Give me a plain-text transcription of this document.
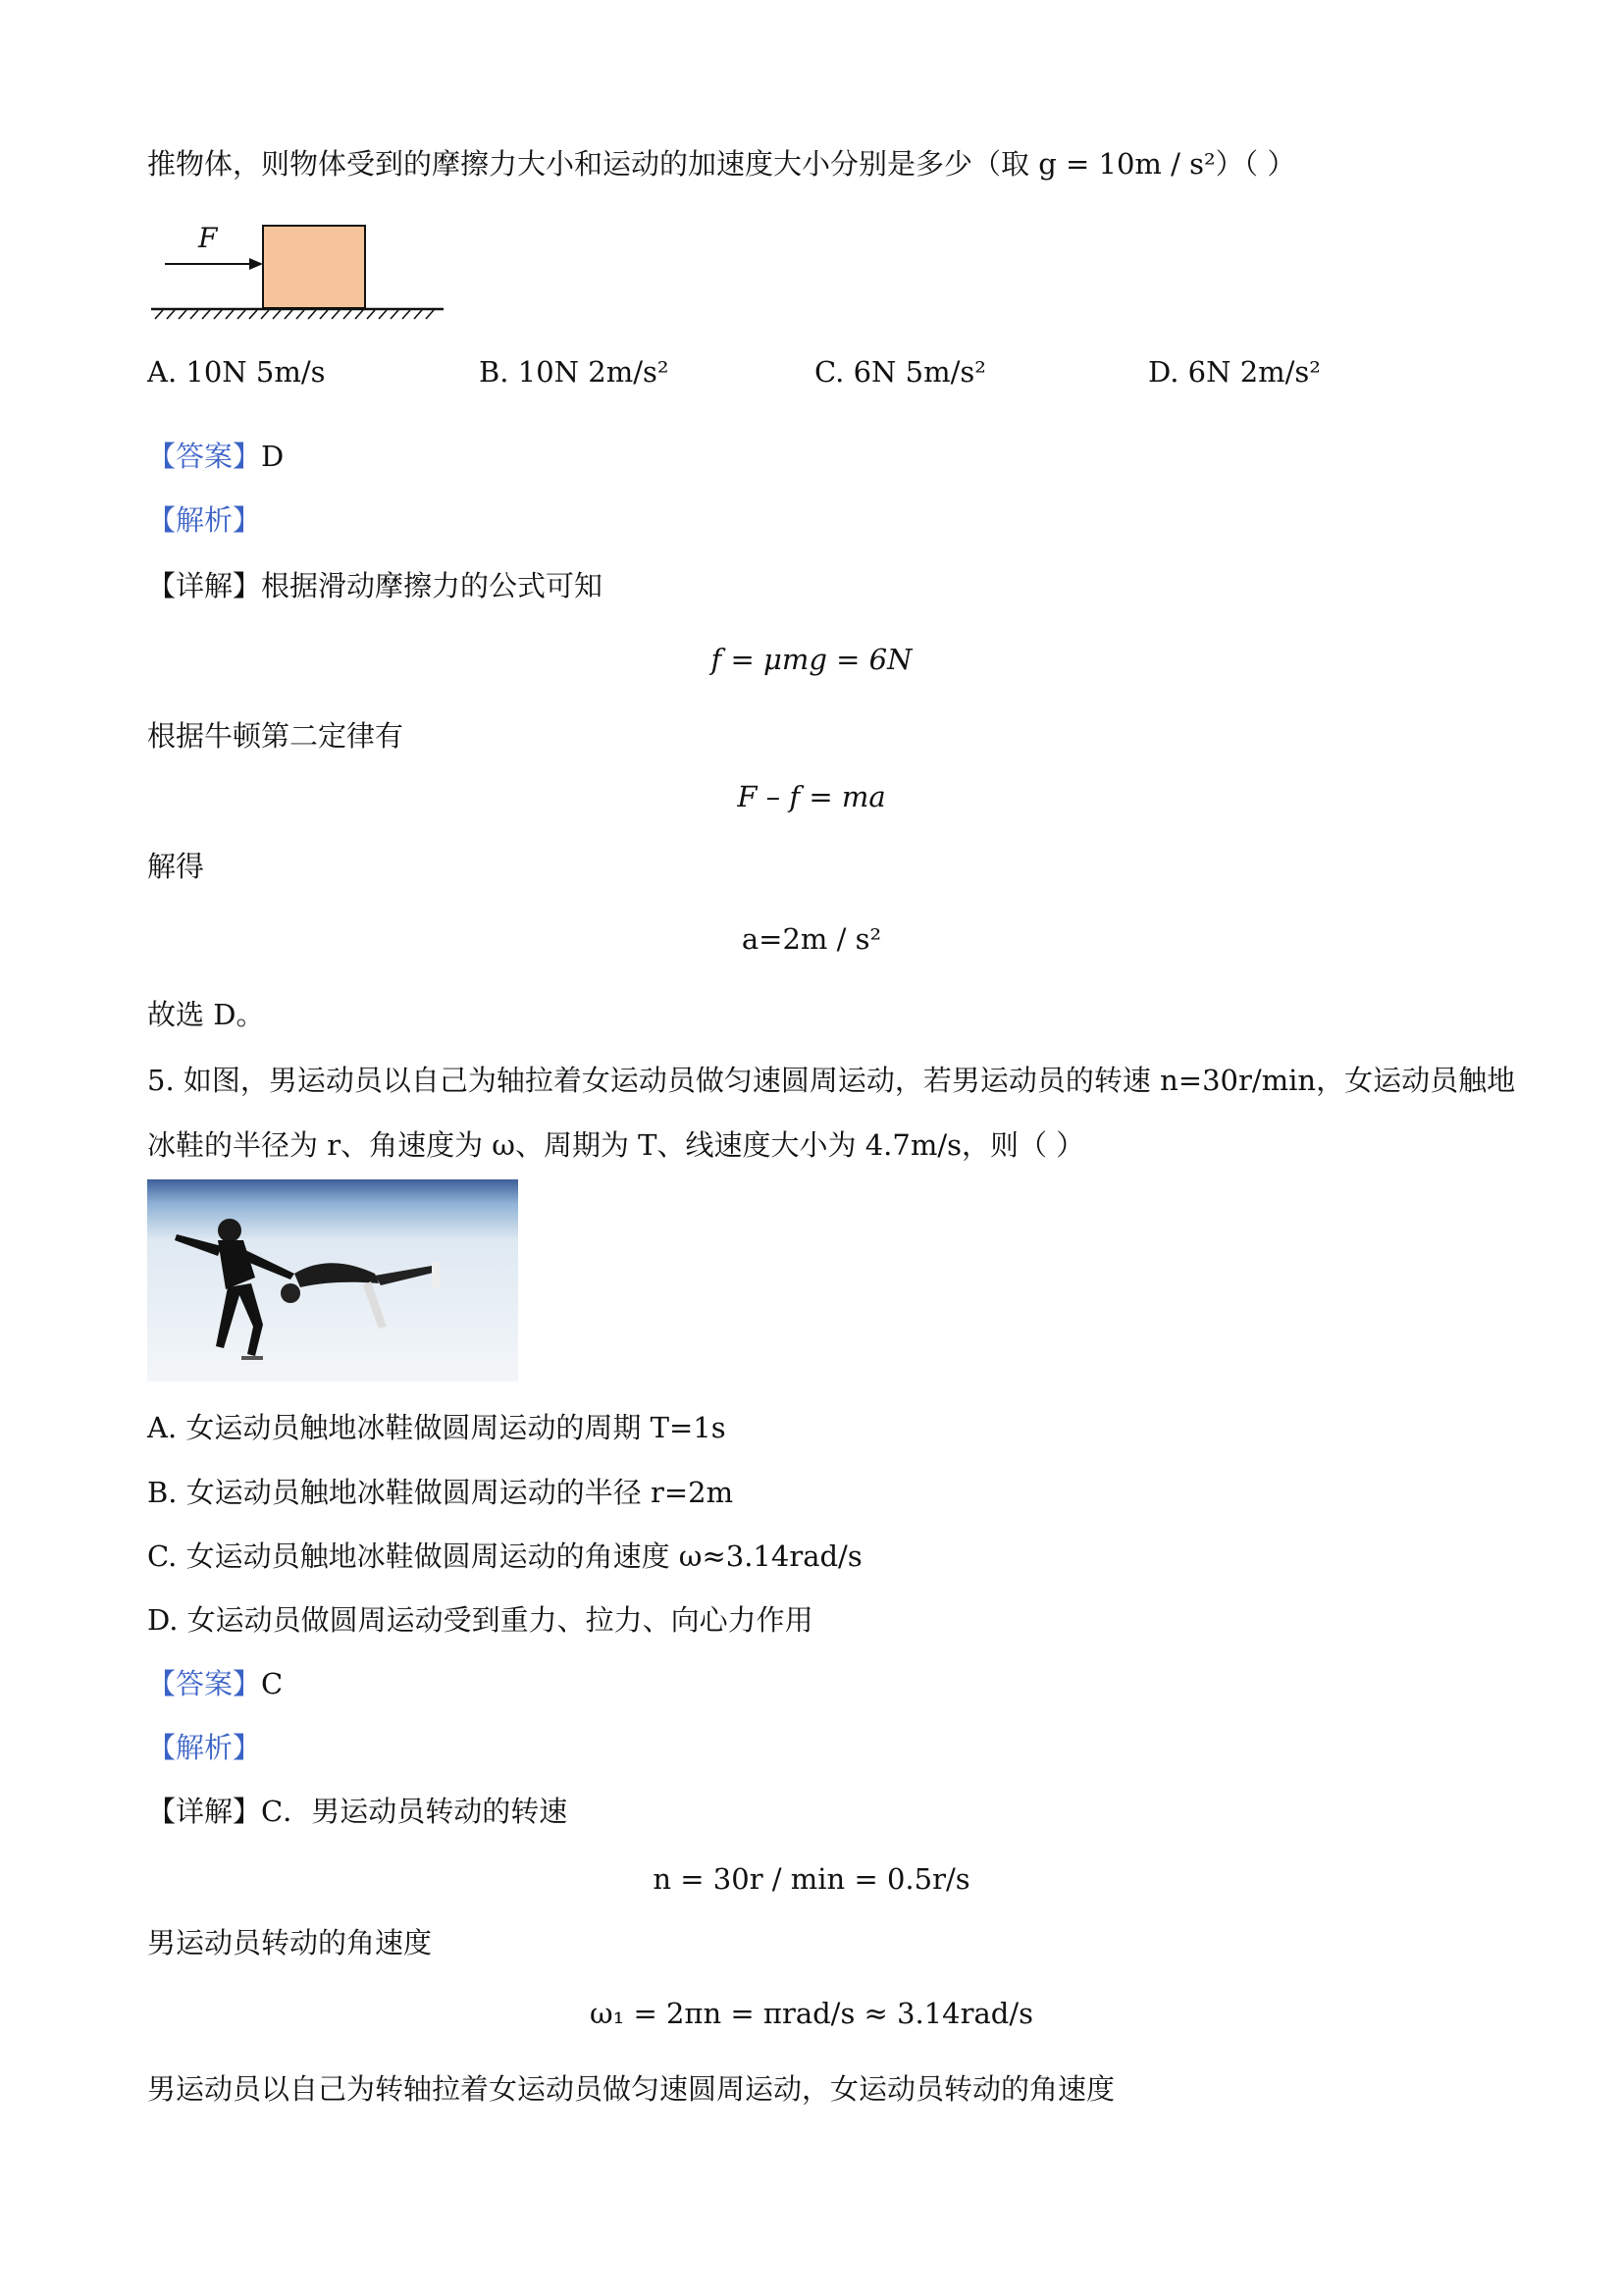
推物体，则物体受到的摩擦力大小和运动的加速度大小分别是多少（取 g = 10m / s²）（ ）
F
A. 10N 5m/s	B. 10N 2m/s²	C. 6N 5m/s²	D. 6N 2m/s²
【答案】D
【解析】
【详解】根据滑动摩擦力的公式可知
f = μmg = 6N
根据牛顿第二定律有
F – f = ma
解得
a=2m / s²
故选 D。
5. 如图，男运动员以自己为轴拉着女运动员做匀速圆周运动，若男运动员的转速 n=30r/min，女运动员触地
冰鞋的半径为 r、角速度为 ω、周期为 T、线速度大小为 4.7m/s，则（ ）
A. 女运动员触地冰鞋做圆周运动的周期 T=1s
B. 女运动员触地冰鞋做圆周运动的半径 r=2m
C. 女运动员触地冰鞋做圆周运动的角速度 ω≈3.14rad/s
D. 女运动员做圆周运动受到重力、拉力、向心力作用
【答案】C
【解析】
【详解】C．男运动员转动的转速
n = 30r / min = 0.5r/s
男运动员转动的角速度
ω₁ = 2πn = πrad/s ≈ 3.14rad/s
男运动员以自己为转轴拉着女运动员做匀速圆周运动，女运动员转动的角速度
